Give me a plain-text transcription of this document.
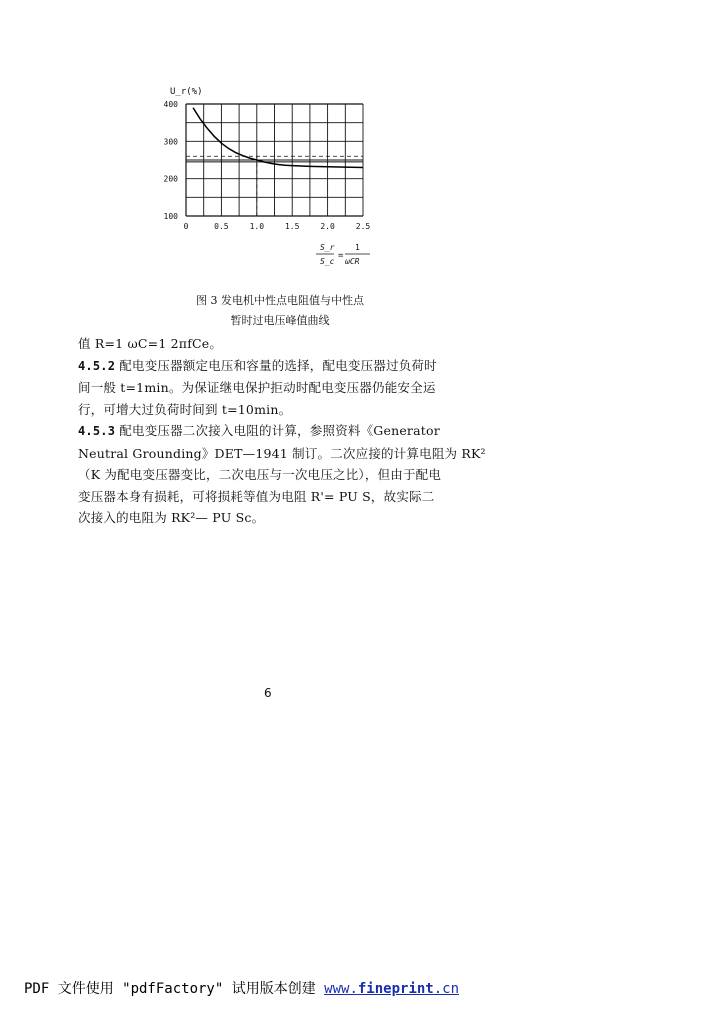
0	0.5	1.0	1.5	2.0	2.5
100
200
300
400
U_r(%)
S_r
S_c
=
1
ωCR
图 3 发电机中性点电阻值与中性点
暂时过电压峰值曲线

值 R=1 ωC=1 2πfCe。

4.5.2 配电变压器额定电压和容量的选择，配电变压器过负荷时

间一般 t=1min。为保证继电保护拒动时配电变压器仍能安全运

行，可增大过负荷时间到 t=10min。

4.5.3 配电变压器二次接入电阻的计算，参照资料《Generator

Neutral Grounding》DET—1941 制订。二次应接的计算电阻为 RK²

（K 为配电变压器变比，二次电压与一次电压之比），但由于配电

变压器本身有损耗，可将损耗等值为电阻 R'= PU S，故实际二

次接入的电阻为 RK²— PU Sc。

6
PDF 文件使用 "pdfFactory" 试用版本创建 www.fineprint.cn
